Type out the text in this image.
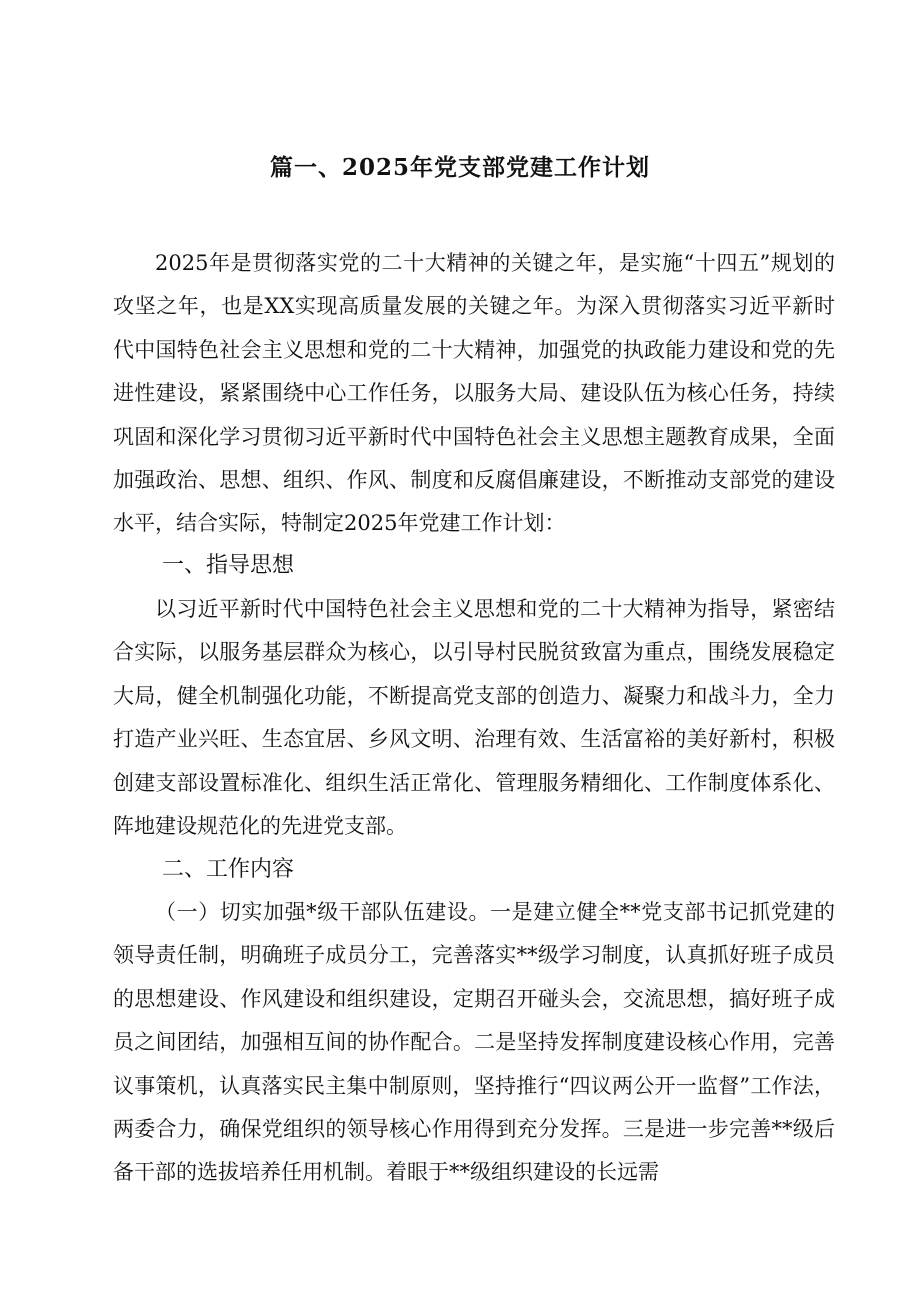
篇一、2025年党支部党建工作计划

2025年是贯彻落实党的二十大精神的关键之年，是实施“十四五”规划的攻坚之年，也是XX实现高质量发展的关键之年。为深入贯彻落实习近平新时代中国特色社会主义思想和党的二十大精神，加强党的执政能力建设和党的先进性建设，紧紧围绕中心工作任务，以服务大局、建设队伍为核心任务，持续巩固和深化学习贯彻习近平新时代中国特色社会主义思想主题教育成果，全面加强政治、思想、组织、作风、制度和反腐倡廉建设，不断推动支部党的建设水平，结合实际，特制定2025年党建工作计划：

一、指导思想

以习近平新时代中国特色社会主义思想和党的二十大精神为指导，紧密结合实际，以服务基层群众为核心，以引导村民脱贫致富为重点，围绕发展稳定大局，健全机制强化功能，不断提高党支部的创造力、凝聚力和战斗力，全力打造产业兴旺、生态宜居、乡风文明、治理有效、生活富裕的美好新村，积极创建支部设置标准化、组织生活正常化、管理服务精细化、工作制度体系化、阵地建设规范化的先进党支部。

二、工作内容

（一）切实加强*级干部队伍建设。一是建立健全**党支部书记抓党建的领导责任制，明确班子成员分工，完善落实**级学习制度，认真抓好班子成员的思想建设、作风建设和组织建设，定期召开碰头会，交流思想，搞好班子成员之间团结，加强相互间的协作配合。二是坚持发挥制度建设核心作用，完善议事策机，认真落实民主集中制原则，坚持推行“四议两公开一监督”工作法，两委合力，确保党组织的领导核心作用得到充分发挥。三是进一步完善**级后备干部的选拔培养任用机制。着眼于**级组织建设的长远需
